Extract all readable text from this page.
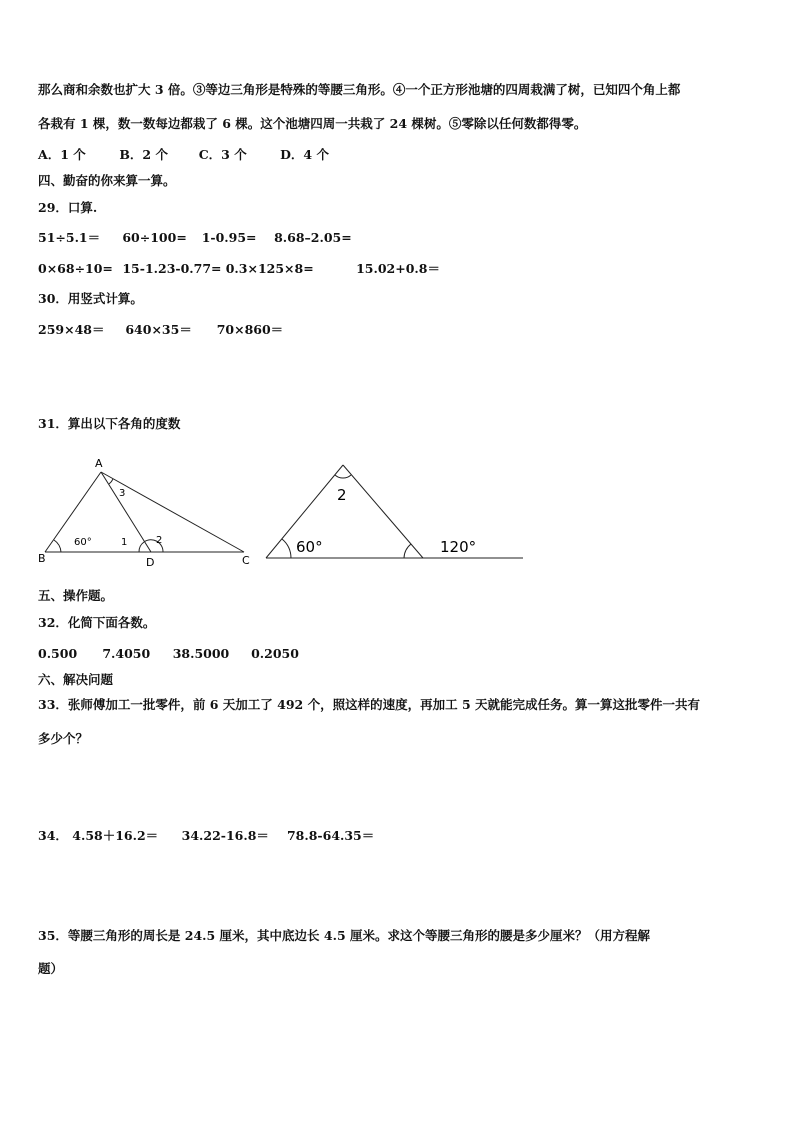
那么商和余数也扩大 3 倍。③等边三角形是特殊的等腰三角形。④一个正方形池塘的四周栽满了树，已知四个角上都
各栽有 1 棵，数一数每边都栽了 6 棵。这个池塘四周一共栽了 24 棵树。⑤零除以任何数都得零。
A．1 个	B．2 个 C．3 个	D．4 个
四、勤奋的你来算一算。
29．口算.
51÷5.1＝ 60÷100= 1-0.95= 8.68–2.05=
0×68÷10= 15-1.23-0.77= 0.3×125×8=	15.02+0.8＝
30．用竖式计算。
259×48＝ 640×35＝ 70×860＝
31．算出以下各角的度数
A
B	C
D
60°	1	2
3	2
60°	120°
五、操作题。
32．化简下面各数。
0.500 7.4050 38.5000 0.2050
六、解决问题
33．张师傅加工一批零件，前 6 天加工了 492 个，照这样的速度，再加工 5 天就能完成任务。算一算这批零件一共有
多少个？
34． 4.58＋16.2＝ 34.22-16.8＝ 78.8-64.35＝
35．等腰三角形的周长是 24.5 厘米，其中底边长 4.5 厘米。求这个等腰三角形的腰是多少厘米？（用方程解
题）
